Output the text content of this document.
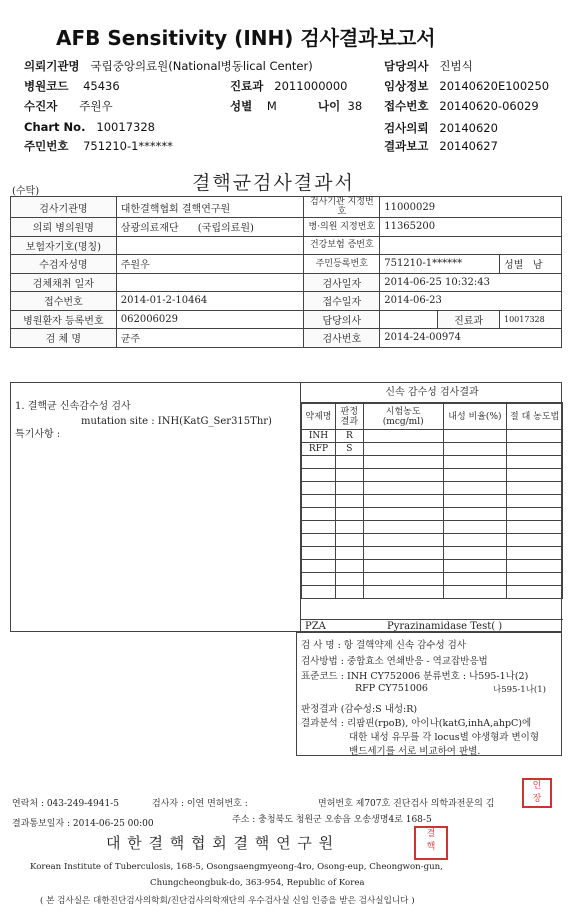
AFB Sensitivity (INH) 검사결과보고서
의뢰기관명 국립중앙의료원(National병동lical Center)	담당의사 진범식
병원코드 45436	진료과 2011000000	임상정보 20140620E100250
수진자 주원우	성별 M	나이 38 접수번호 20140620-06029
Chart No. 10017328	검사의뢰 20140620
주민번호 751210-1******	결과보고 20140627
(수탁)	결핵균검사결과서
검사기관명	대한결핵협회 결핵연구원	검사기관 지정번호	11000029		
의뢰 병의원명	삼광의료재단 (국립의료원)	병·의원 지정번호	11365200		
보험자기호(명칭)		건강보험 증번호			
수검자성명	주원우	주민등록번호	751210-1******		성별 남
검체채취 일자		검사일자	2014-06-25 10:32:43		
접수번호	2014-01-2-10464	접수일자	2014-06-23		
병원환자 등록번호	062006029	담당의사		진료과	10017328
검 체 명	균주	검사번호	2014-24-00974		
1. 결핵균 신속감수성 검사
mutation site : INH(KatG_Ser315Thr)
특기사항 :
신속 감수성 검사결과
약제명	판정 결과	시험농도 (mcg/ml)	내성 비율(%)	절 대 농도법
INH	R			
RFP	S			

PZA	Pyrazinamidase Test( )
검 사 명 : 항 결핵약제 신속 감수성 검사
검사방법 : 중합효소 연쇄반응 - 역교잡반응법
표준코드 : INH CY752006 분류번호 : 나595-1나(2)
RFP CY751006	나595-1나(1)
판정결과 (감수성:S 내성:R)
결과분석 : 리팜핀(rpoB), 아이나(katG,inhA,ahpC)에
대한 내성 유무를 각 locus별 야생형과 변이형
밴드세기를 서로 비교하여 판별.
연락처 : 043-249-4941-5	검사자 : 이연 면허번호 :	면허번호 제707호 진단검사 의학과전문의 김
인
장
결과통보일자 : 2014-06-25 00:00	주소 : 충청북도 청원군 오송읍 오송생명4로 168-5
대 한 결 핵 협 회 결 핵 연 구 원	결
핵
Korean Institute of Tuberculosis, 168-5, Osongsaengmyeong-4ro, Osong-eup, Cheongwon-gun,
Chungcheongbuk-do, 363-954, Republic of Korea
( 본 검사실은 대한진단검사의학회/진단검사의학재단의 우수검사실 신임 인증을 받은 검사실입니다 )
